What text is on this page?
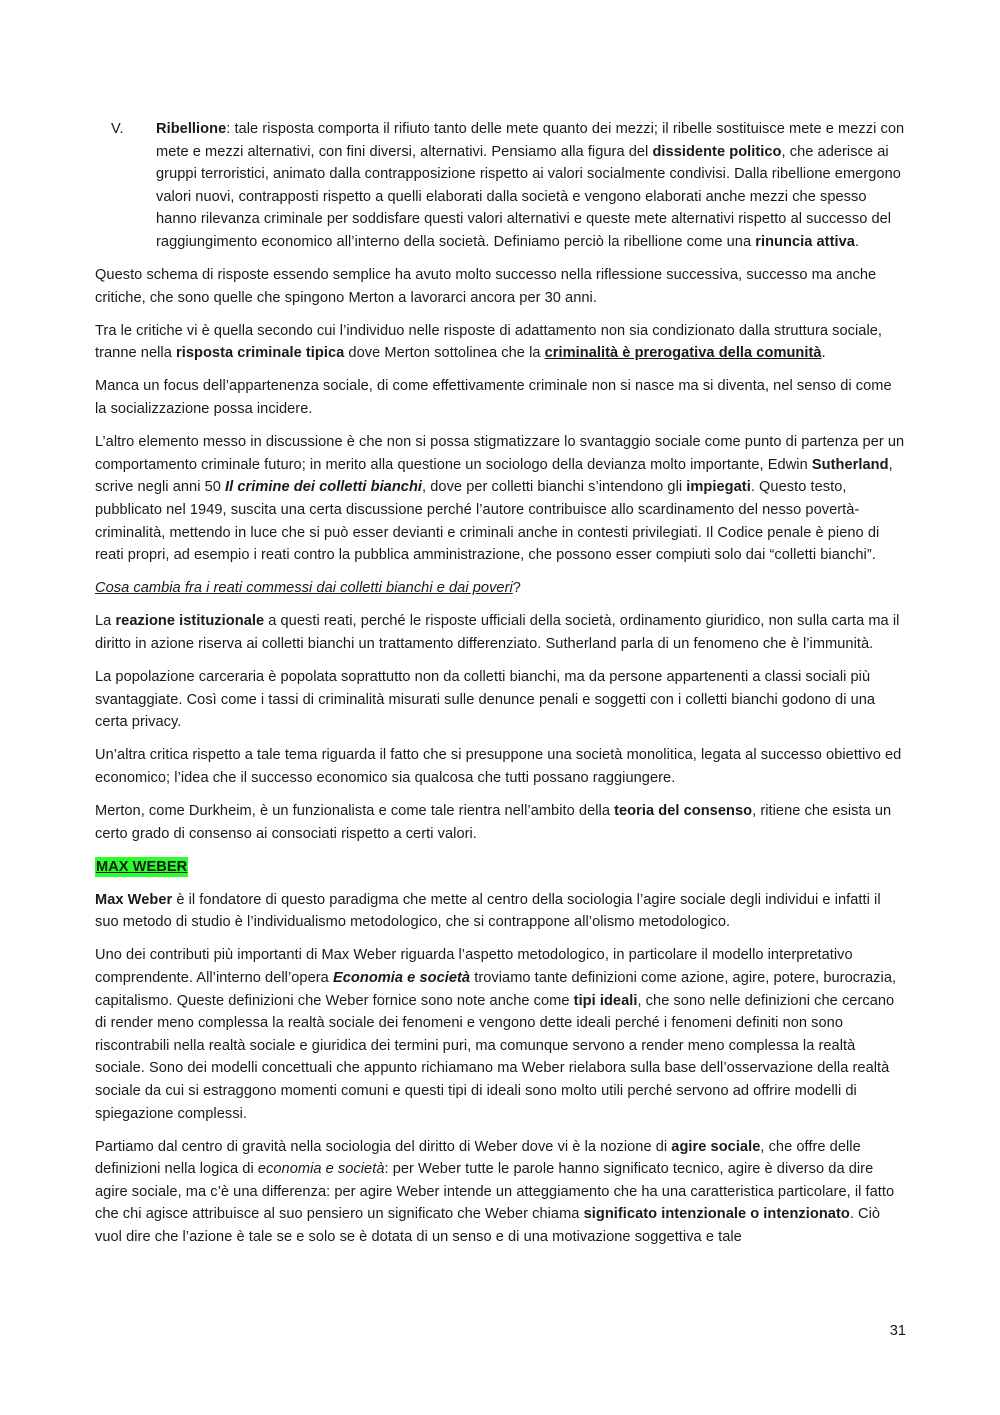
V.	Ribellione: tale risposta comporta il rifiuto tanto delle mete quanto dei mezzi; il ribelle sostituisce mete e mezzi con mete e mezzi alternativi, con fini diversi, alternativi. Pensiamo alla figura del dissidente politico, che aderisce ai gruppi terroristici, animato dalla contrapposizione rispetto ai valori socialmente condivisi. Dalla ribellione emergono valori nuovi, contrapposti rispetto a quelli elaborati dalla società e vengono elaborati anche mezzi che spesso hanno rilevanza criminale per soddisfare questi valori alternativi e queste mete alternativi rispetto al successo del raggiungimento economico all’interno della società. Definiamo perciò la ribellione come una rinuncia attiva.

Questo schema di risposte essendo semplice ha avuto molto successo nella riflessione successiva, successo ma anche critiche, che sono quelle che spingono Merton a lavorarci ancora per 30 anni.

Tra le critiche vi è quella secondo cui l’individuo nelle risposte di adattamento non sia condizionato dalla struttura sociale, tranne nella risposta criminale tipica dove Merton sottolinea che la criminalità è prerogativa della comunità.

Manca un focus dell’appartenenza sociale, di come effettivamente criminale non si nasce ma si diventa, nel senso di come la socializzazione possa incidere.

L’altro elemento messo in discussione è che non si possa stigmatizzare lo svantaggio sociale come punto di partenza per un comportamento criminale futuro; in merito alla questione un sociologo della devianza molto importante, Edwin Sutherland, scrive negli anni 50 Il crimine dei colletti bianchi, dove per colletti bianchi s’intendono gli impiegati. Questo testo, pubblicato nel 1949, suscita una certa discussione perché l’autore contribuisce allo scardinamento del nesso povertà-criminalità, mettendo in luce che si può esser devianti e criminali anche in contesti privilegiati. Il Codice penale è pieno di reati propri, ad esempio i reati contro la pubblica amministrazione, che possono esser compiuti solo dai “colletti bianchi”.

Cosa cambia fra i reati commessi dai colletti bianchi e dai poveri?

La reazione istituzionale a questi reati, perché le risposte ufficiali della società, ordinamento giuridico, non sulla carta ma il diritto in azione riserva ai colletti bianchi un trattamento differenziato. Sutherland parla di un fenomeno che è l’immunità.

La popolazione carceraria è popolata soprattutto non da colletti bianchi, ma da persone appartenenti a classi sociali più svantaggiate. Così come i tassi di criminalità misurati sulle denunce penali e soggetti con i colletti bianchi godono di una certa privacy.

Un’altra critica rispetto a tale tema riguarda il fatto che si presuppone una società monolitica, legata al successo obiettivo ed economico; l’idea che il successo economico sia qualcosa che tutti possano raggiungere.

Merton, come Durkheim, è un funzionalista e come tale rientra nell’ambito della teoria del consenso, ritiene che esista un certo grado di consenso ai consociati rispetto a certi valori.

MAX WEBER

Max Weber è il fondatore di questo paradigma che mette al centro della sociologia l’agire sociale degli individui e infatti il suo metodo di studio è l’individualismo metodologico, che si contrappone all’olismo metodologico.

Uno dei contributi più importanti di Max Weber riguarda l’aspetto metodologico, in particolare il modello interpretativo comprendente. All’interno dell’opera Economia e società troviamo tante definizioni come azione, agire, potere, burocrazia, capitalismo. Queste definizioni che Weber fornice sono note anche come tipi ideali, che sono nelle definizioni che cercano di render meno complessa la realtà sociale dei fenomeni e vengono dette ideali perché i fenomeni definiti non sono riscontrabili nella realtà sociale e giuridica dei termini puri, ma comunque servono a render meno complessa la realtà sociale. Sono dei modelli concettuali che appunto richiamano ma Weber rielabora sulla base dell’osservazione della realtà sociale da cui si estraggono momenti comuni e questi tipi di ideali sono molto utili perché servono ad offrire modelli di spiegazione complessi.

Partiamo dal centro di gravità nella sociologia del diritto di Weber dove vi è la nozione di agire sociale, che offre delle definizioni nella logica di economia e società: per Weber tutte le parole hanno significato tecnico, agire è diverso da dire agire sociale, ma c’è una differenza: per agire Weber intende un atteggiamento che ha una caratteristica particolare, il fatto che chi agisce attribuisce al suo pensiero un significato che Weber chiama significato intenzionale o intenzionato. Ciò vuol dire che l’azione è tale se e solo se è dotata di un senso e di una motivazione soggettiva e tale

31
